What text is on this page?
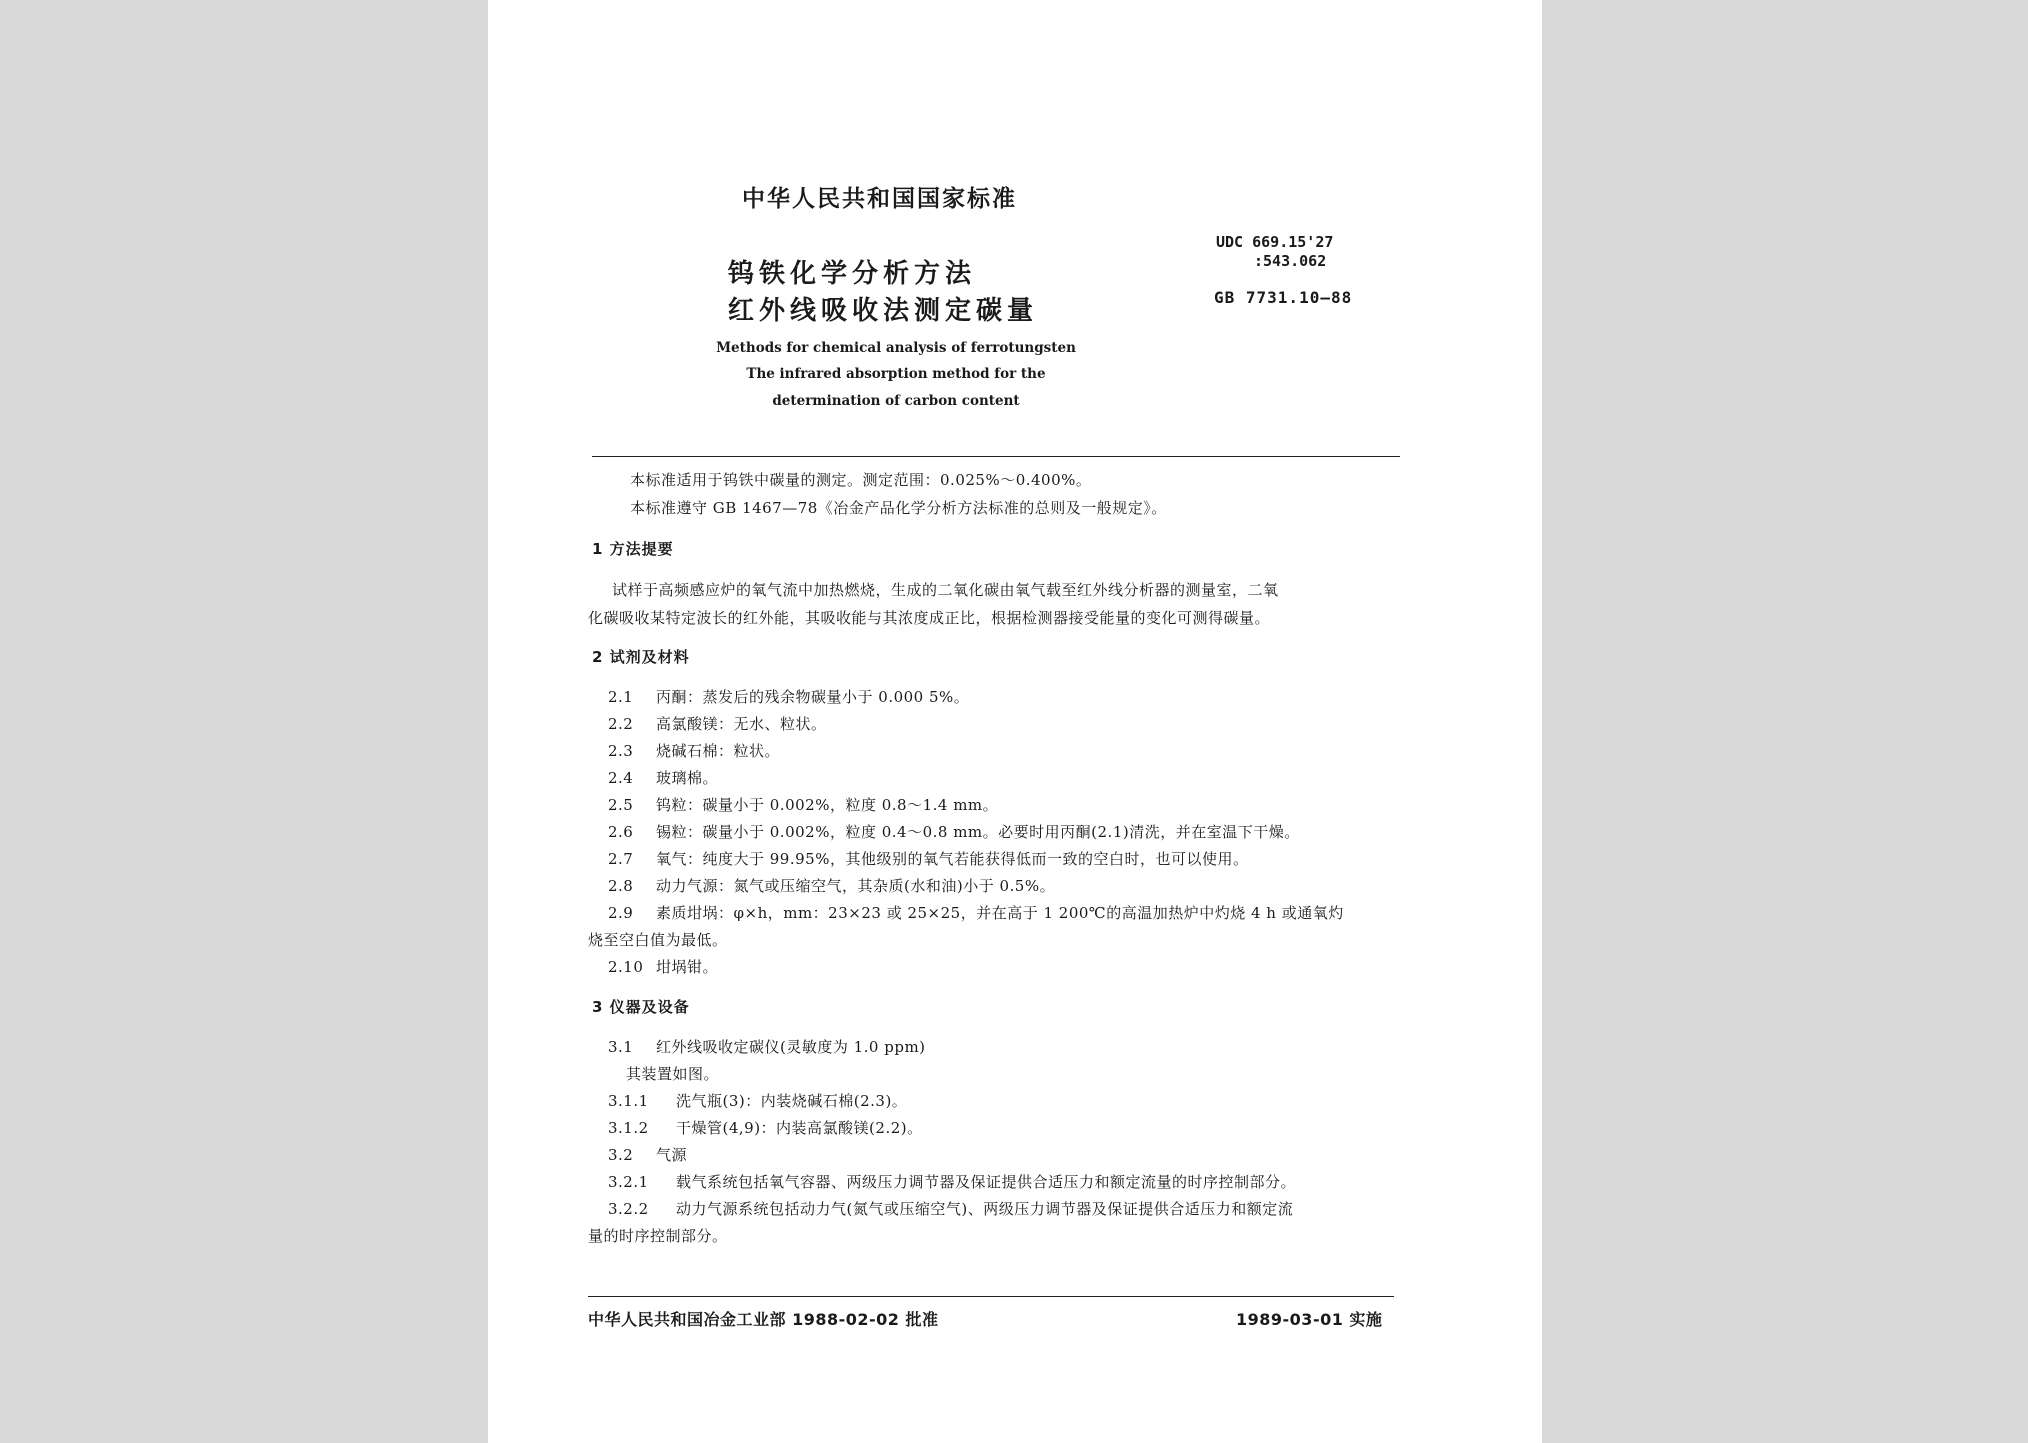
中华人民共和国国家标准
钨铁化学分析方法
红外线吸收法测定碳量
UDC 669.15'27
:543.062
GB 7731.10—88
Methods for chemical analysis of ferrotungsten
The infrared absorption method for the
determination of carbon content
本标准适用于钨铁中碳量的测定。测定范围：0.025%～0.400%。
本标准遵守 GB 1467—78《冶金产品化学分析方法标准的总则及一般规定》。
1 方法提要
试样于高频感应炉的氧气流中加热燃烧，生成的二氧化碳由氧气载至红外线分析器的测量室，二氧
化碳吸收某特定波长的红外能，其吸收能与其浓度成正比，根据检测器接受能量的变化可测得碳量。
2 试剂及材料
2.1 丙酮：蒸发后的残余物碳量小于 0.000 5%。
2.2 高氯酸镁：无水、粒状。
2.3 烧碱石棉：粒状。
2.4 玻璃棉。
2.5 钨粒：碳量小于 0.002%，粒度 0.8～1.4 mm。
2.6 锡粒：碳量小于 0.002%，粒度 0.4～0.8 mm。必要时用丙酮(2.1)清洗，并在室温下干燥。
2.7 氧气：纯度大于 99.95%，其他级别的氧气若能获得低而一致的空白时，也可以使用。
2.8 动力气源：氮气或压缩空气，其杂质(水和油)小于 0.5%。
2.9 素质坩埚：φ×h，mm：23×23 或 25×25，并在高于 1 200℃的高温加热炉中灼烧 4 h 或通氧灼
烧至空白值为最低。
2.10 坩埚钳。
3 仪器及设备
3.1 红外线吸收定碳仪(灵敏度为 1.0 ppm)
其装置如图。
3.1.1 洗气瓶(3)：内装烧碱石棉(2.3)。
3.1.2 干燥管(4,9)：内装高氯酸镁(2.2)。
3.2 气源
3.2.1 载气系统包括氧气容器、两级压力调节器及保证提供合适压力和额定流量的时序控制部分。
3.2.2 动力气源系统包括动力气(氮气或压缩空气)、两级压力调节器及保证提供合适压力和额定流
量的时序控制部分。
中华人民共和国冶金工业部 1988-02-02 批准	1989-03-01 实施
